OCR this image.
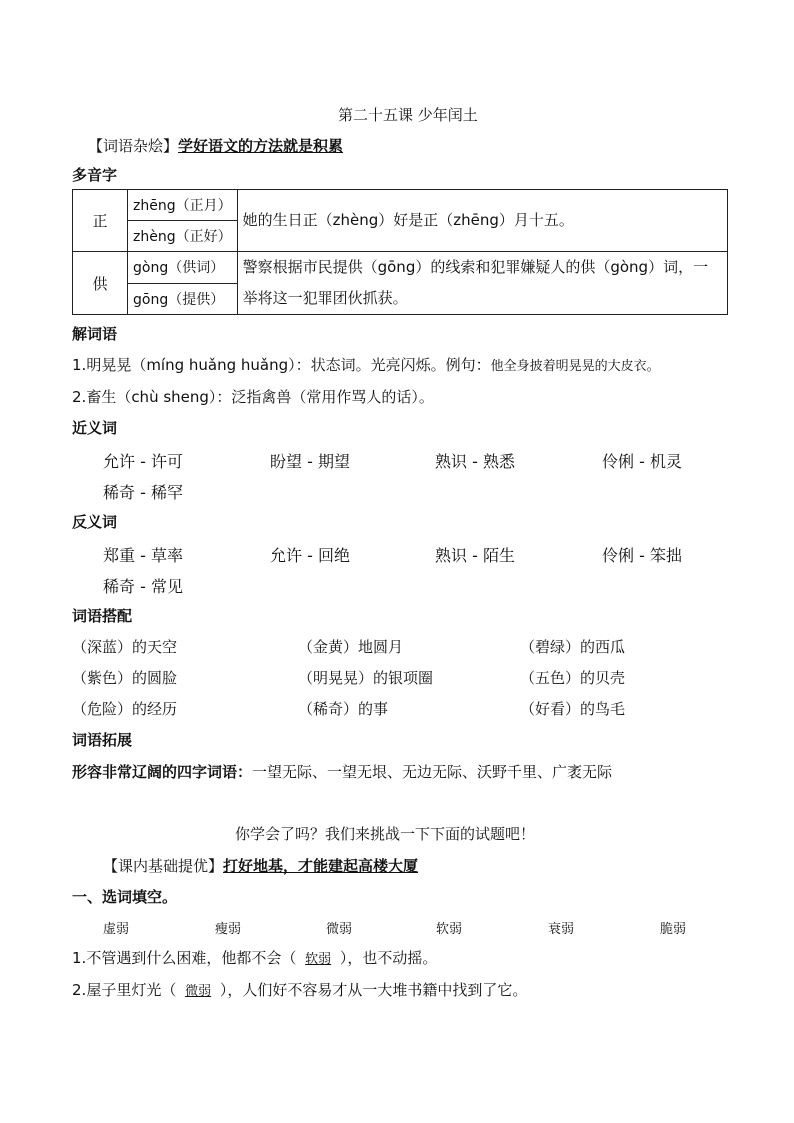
第二十五课 少年闰土
【词语杂烩】学好语文的方法就是积累
多音字
正	zhēng（正月）	她的生日正（zhèng）好是正（zhēng）月十五。
	zhèng（正好）	
供	gòng（供词）	警察根据市民提供（gōng）的线索和犯罪嫌疑人的供（gòng）词，一举将这一犯罪团伙抓获。
	gōng（提供）	
解词语
1.明晃晃（míng huǎng huǎng）：状态词。光亮闪烁。例句：他全身披着明晃晃的大皮衣。
2.畜生（chù sheng）：泛指禽兽（常用作骂人的话）。
近义词
允许 - 许可	盼望 - 期望	熟识 - 熟悉	伶俐 - 机灵
稀奇 - 稀罕
反义词
郑重 - 草率	允许 - 回绝	熟识 - 陌生	伶俐 - 笨拙
稀奇 - 常见
词语搭配
（深蓝）的天空	（金黄）地圆月	（碧绿）的西瓜
（紫色）的圆脸	（明晃晃）的银项圈	（五色）的贝壳
（危险）的经历	（稀奇）的事	（好看）的鸟毛
词语拓展
形容非常辽阔的四字词语：一望无际、一望无垠、无边无际、沃野千里、广袤无际
你学会了吗？我们来挑战一下下面的试题吧！
【课内基础提优】打好地基，才能建起高楼大厦
一、选词填空。
虚弱	瘦弱	微弱	软弱	衰弱	脆弱
1.不管遇到什么困难，他都不会（ 软弱 ），也不动摇。
2.屋子里灯光（ 微弱 ），人们好不容易才从一大堆书籍中找到了它。
